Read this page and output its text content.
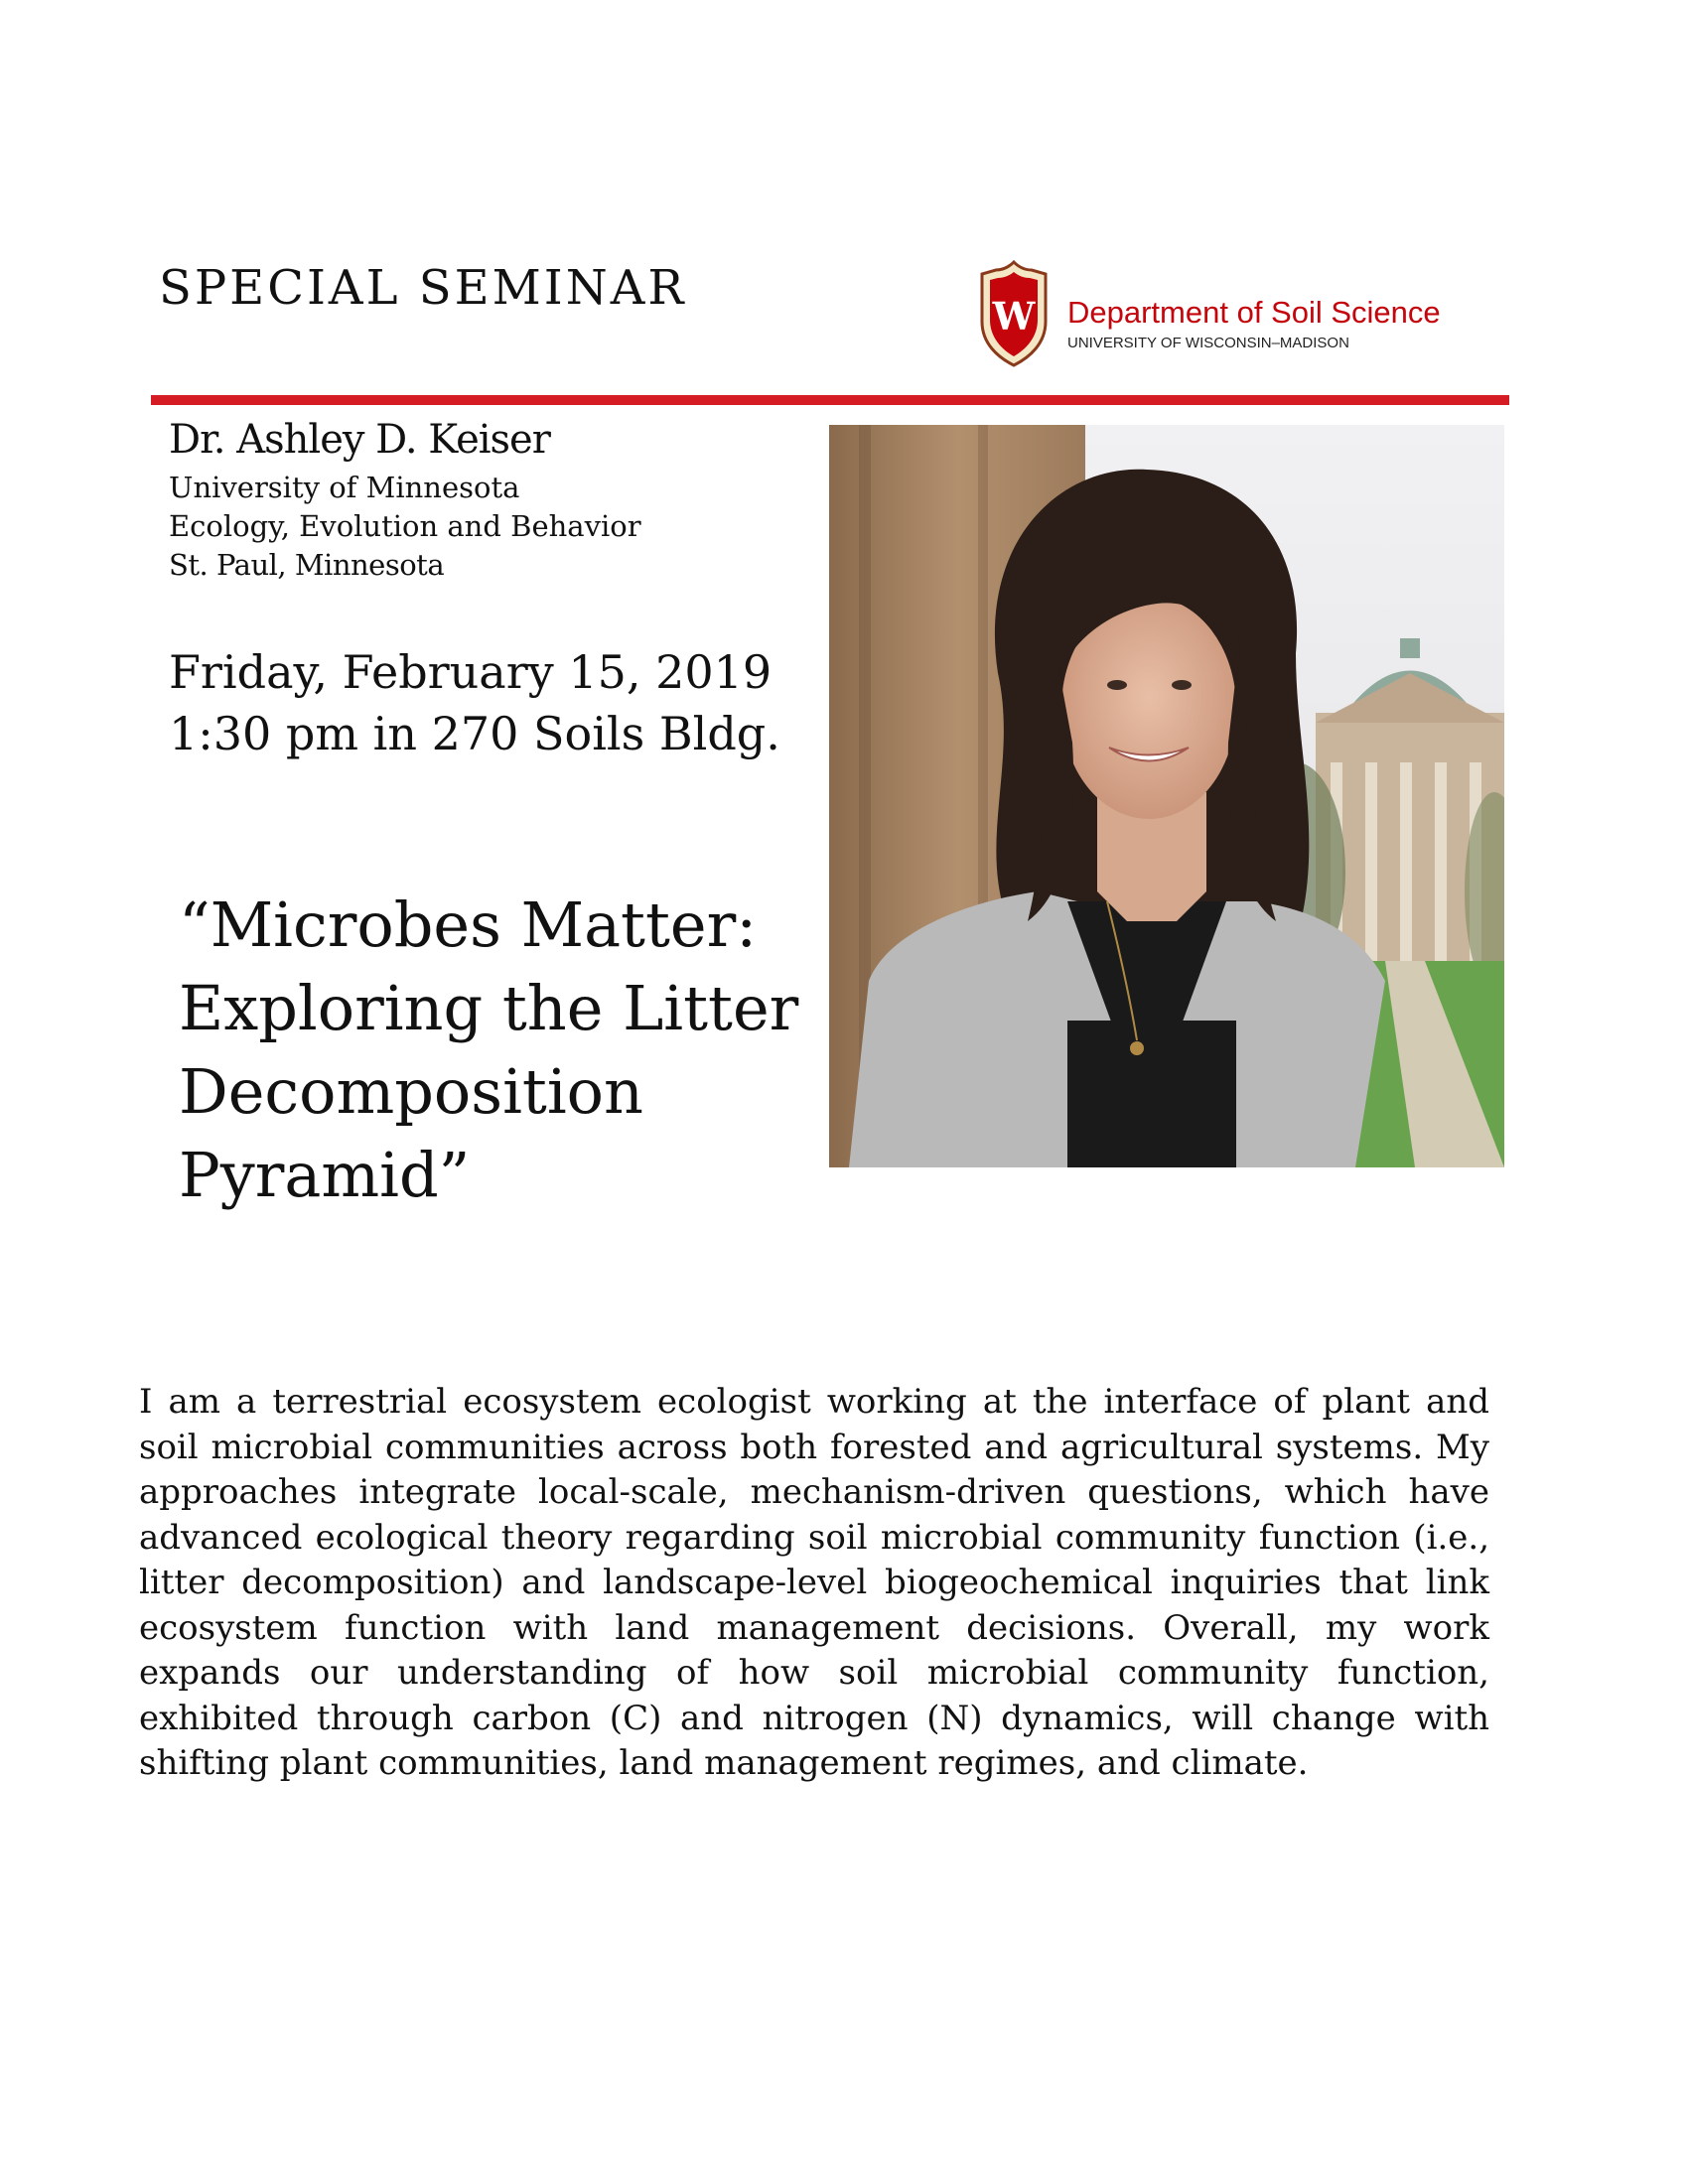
SPECIAL SEMINAR
W Department of Soil Science
UNIVERSITY OF WISCONSIN–MADISON
Dr. Ashley D. Keiser
University of Minnesota
Ecology, Evolution and Behavior
St. Paul, Minnesota
Friday, February 15, 2019
1:30 pm in 270 Soils Bldg.
“Microbes Matter:
Exploring the Litter
Decomposition
Pyramid”
I am a terrestrial ecosystem ecologist working at the interface of plant and soil microbial communities across both forested and agricultural systems. My approaches integrate local-scale, mechanism-driven questions, which have advanced ecological theory regarding soil microbial community function (i.e., litter decomposition) and landscape-level biogeochemical inquiries that link ecosystem function with land management decisions. Overall, my work expands our understanding of how soil microbial community function, exhibited through carbon (C) and nitrogen (N) dynamics, will change with shifting plant communities, land management regimes, and climate.
